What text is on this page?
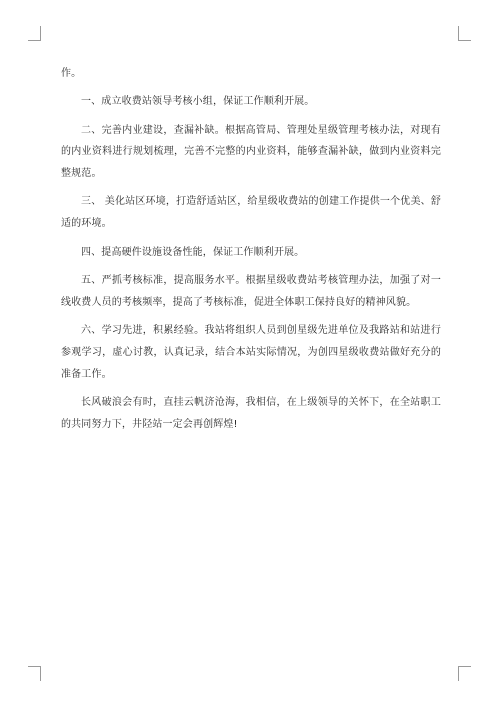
作。

一、成立收费站领导考核小组，保证工作顺利开展。

二、完善内业建设，查漏补缺。根据高管局、管理处星级管理考核办法，对现有的内业资料进行规划梳理，完善不完整的内业资料，能够查漏补缺，做到内业资料完整规范。

三、 美化站区环境，打造舒适站区，给星级收费站的创建工作提供一个优美、舒适的环境。

四、提高硬件设施设备性能，保证工作顺利开展。

五、严抓考核标准，提高服务水平。根据星级收费站考核管理办法，加强了对一线收费人员的考核频率，提高了考核标准，促进全体职工保持良好的精神风貌。

六、学习先进，积累经验。我站将组织人员到创星级先进单位及我路站和站进行参观学习，虚心讨教，认真记录，结合本站实际情况，为创四星级收费站做好充分的准备工作。

长风破浪会有时，直挂云帆济沧海，我相信，在上级领导的关怀下，在全站职工的共同努力下，井陉站一定会再创辉煌!
